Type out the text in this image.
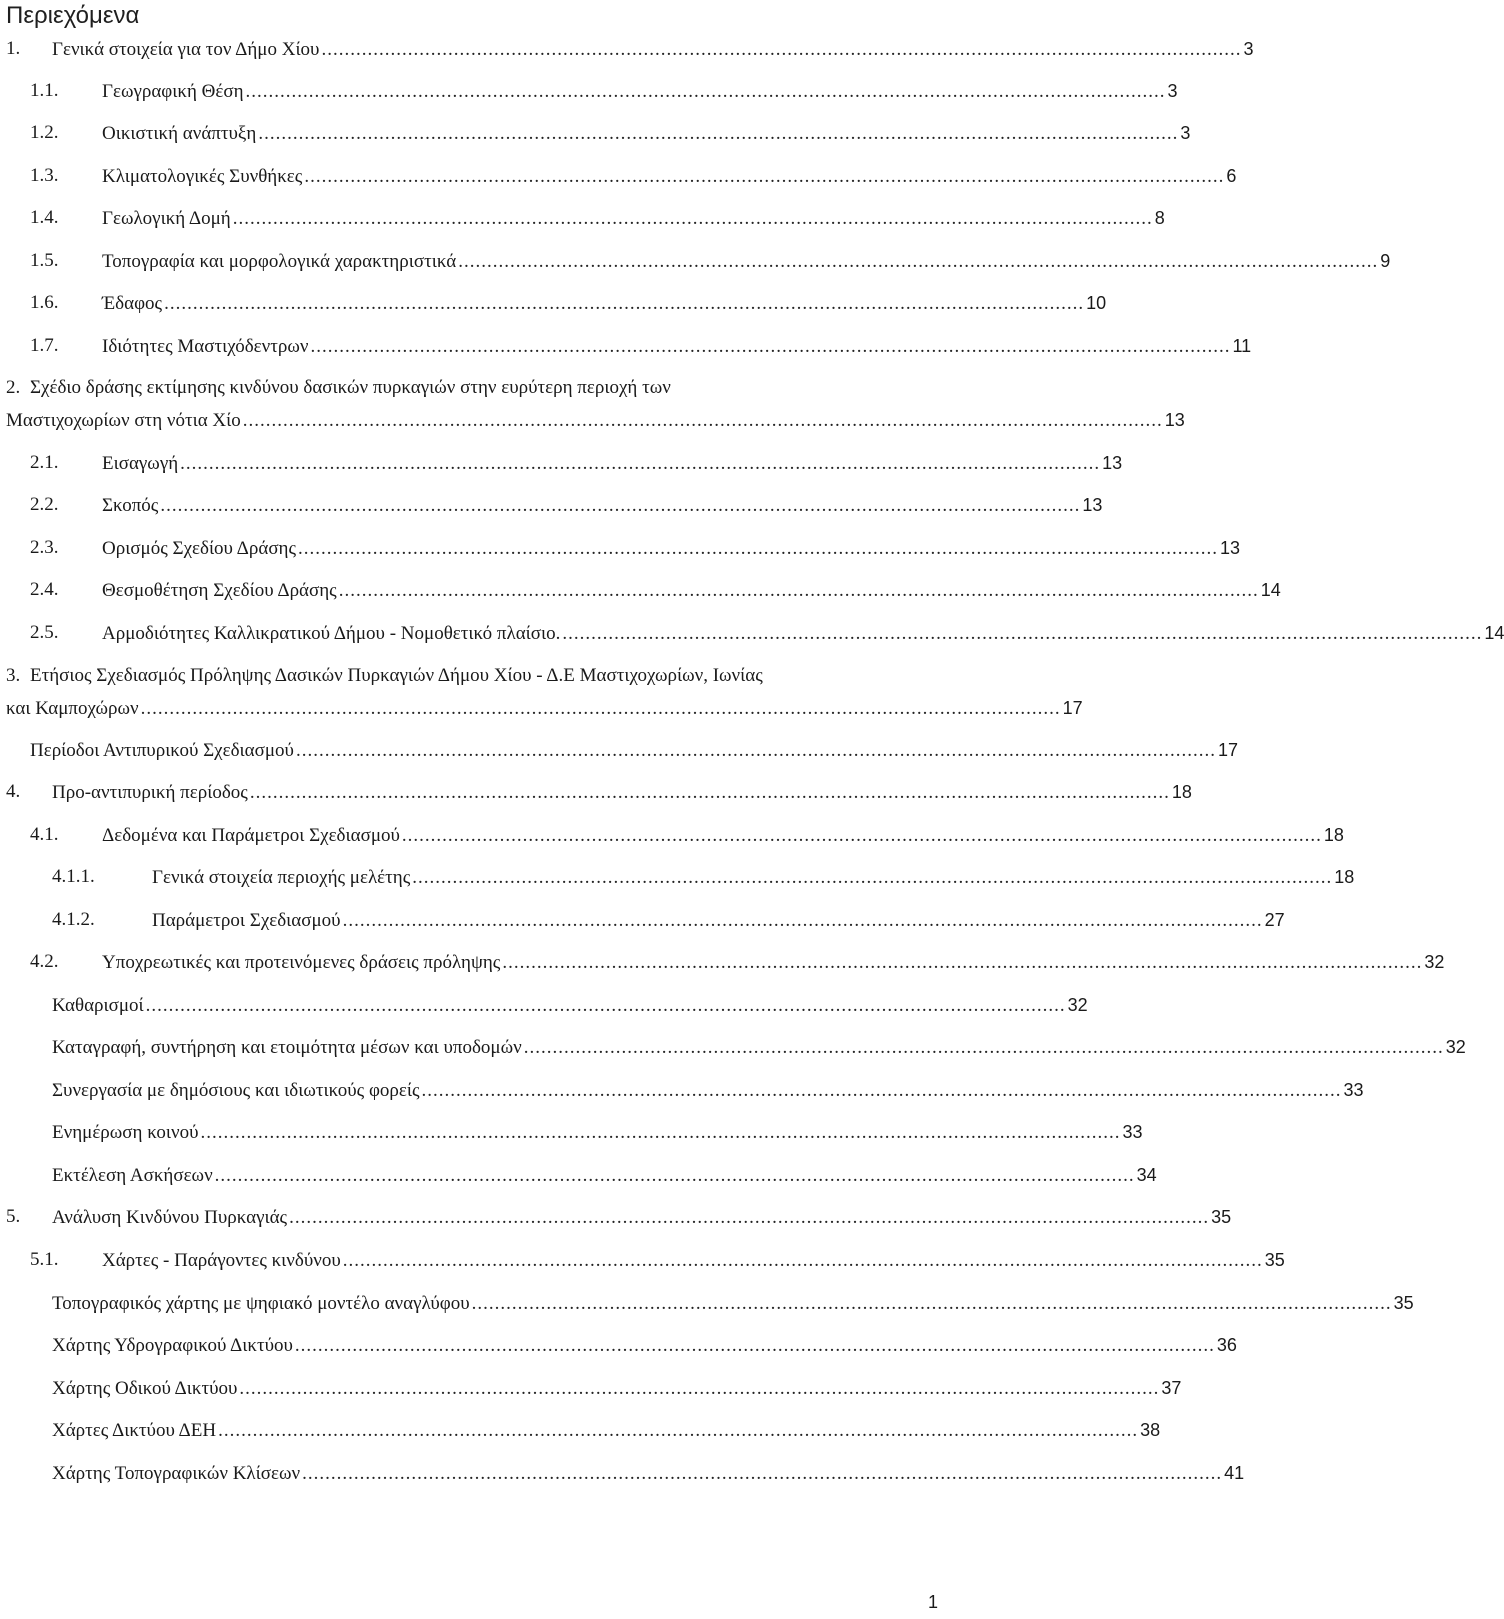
Περιεχόμενα
1. Γενικά στοιχεία για τον Δήμο Χίου ................................................................................................................................................................ 3
1.1. Γεωγραφική Θέση ................................................................................................................................................................ 3
1.2. Οικιστική ανάπτυξη ................................................................................................................................................................ 3
1.3. Κλιματολογικές Συνθήκες ................................................................................................................................................................ 6
1.4. Γεωλογική Δομή ................................................................................................................................................................ 8
1.5. Τοπογραφία και μορφολογικά χαρακτηριστικά ................................................................................................................................................................ 9
1.6. Έδαφος ................................................................................................................................................................ 10
1.7. Ιδιότητες Μαστιχόδεντρων ................................................................................................................................................................ 11
2. Σχέδιο δράσης εκτίμησης κινδύνου δασικών πυρκαγιών στην ευρύτερη περιοχή των
Μαστιχοχωρίων στη νότια Χίο ................................................................................................................................................................ 13
2.1. Εισαγωγή ................................................................................................................................................................ 13
2.2. Σκοπός ................................................................................................................................................................ 13
2.3. Ορισμός Σχεδίου Δράσης ................................................................................................................................................................ 13
2.4. Θεσμοθέτηση Σχεδίου Δράσης ................................................................................................................................................................ 14
2.5. Αρμοδιότητες Καλλικρατικού Δήμου - Νομοθετικό πλαίσιο. ................................................................................................................................................................ 14
3. Ετήσιος Σχεδιασμός Πρόληψης Δασικών Πυρκαγιών Δήμου Χίου - Δ.Ε Μαστιχοχωρίων, Ιωνίας
και Καμποχώρων ................................................................................................................................................................ 17
Περίοδοι Αντιπυρικού Σχεδιασμού ................................................................................................................................................................ 17
4. Προ-αντιπυρική περίοδος ................................................................................................................................................................ 18
4.1. Δεδομένα και Παράμετροι Σχεδιασμού ................................................................................................................................................................ 18
4.1.1.	Γενικά στοιχεία περιοχής μελέτης ................................................................................................................................................................ 18
4.1.2.	Παράμετροι Σχεδιασμού ................................................................................................................................................................ 27
4.2. Υποχρεωτικές και προτεινόμενες δράσεις πρόληψης ................................................................................................................................................................ 32
Καθαρισμοί ................................................................................................................................................................ 32
Καταγραφή, συντήρηση και ετοιμότητα μέσων και υποδομών ................................................................................................................................................................ 32
Συνεργασία με δημόσιους και ιδιωτικούς φορείς ................................................................................................................................................................ 33
Ενημέρωση κοινού ................................................................................................................................................................ 33
Εκτέλεση Ασκήσεων ................................................................................................................................................................ 34
5. Ανάλυση Κινδύνου Πυρκαγιάς ................................................................................................................................................................ 35
5.1. Χάρτες - Παράγοντες κινδύνου ................................................................................................................................................................ 35
Τοπογραφικός χάρτης με ψηφιακό μοντέλο αναγλύφου ................................................................................................................................................................ 35
Χάρτης Υδρογραφικού Δικτύου ................................................................................................................................................................ 36
Χάρτης Οδικού Δικτύου ................................................................................................................................................................ 37
Χάρτες Δικτύου ΔΕΗ ................................................................................................................................................................ 38
Χάρτης Τοπογραφικών Κλίσεων ................................................................................................................................................................ 41
1
